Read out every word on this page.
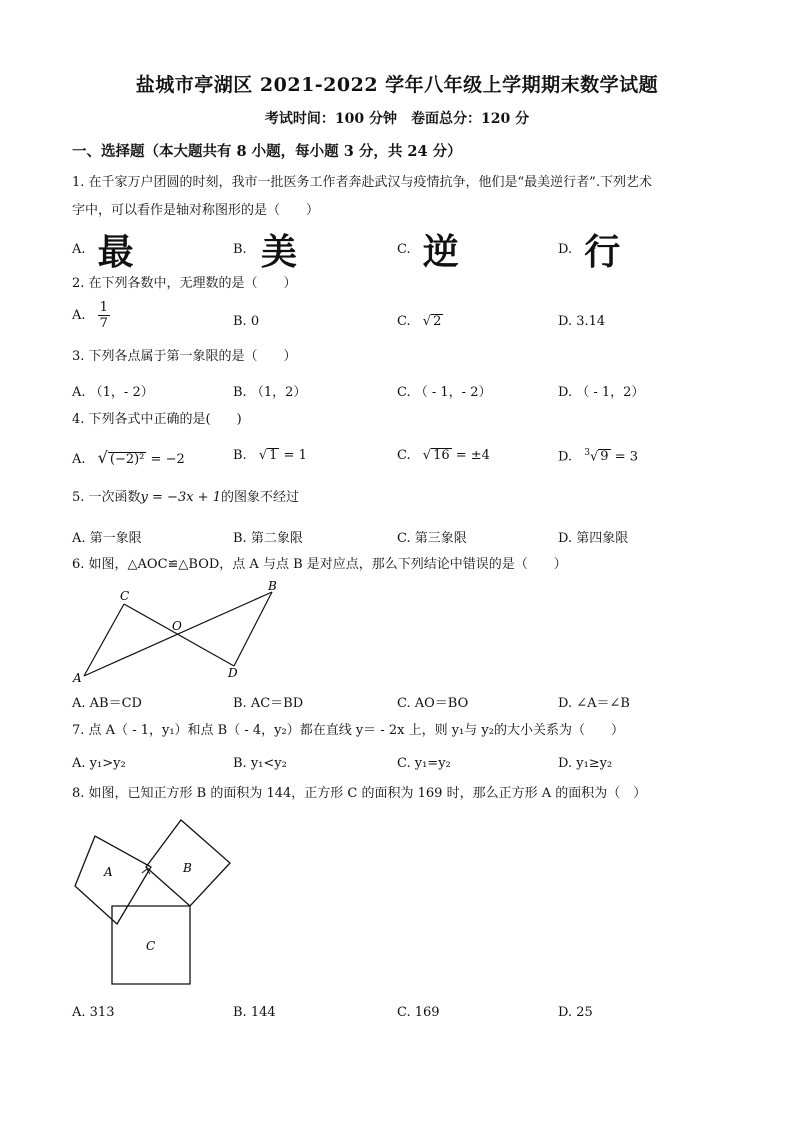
盐城市亭湖区 2021-2022 学年八年级上学期期末数学试题
考试时间：100 分钟　卷面总分：120 分
一、选择题（本大题共有 8 小题，每小题 3 分，共 24 分）
1. 在千家万户团圆的时刻，我市一批医务工作者奔赴武汉与疫情抗争，他们是“最美逆行者”.下列艺术
字中，可以看作是轴对称图形的是（　　）
A. 最	B. 美	C. 逆	D. 行
2. 在下列各数中，无理数的是（　　）
A. $\frac{1}{7}$	B. 0	C. √ 2	D. 3.14
3. 下列各点属于第一象限的是（　　）
A. （1，- 2）	B. （1，2）	C. （ - 1，- 2）	D. （ - 1，2）
4. 下列各式中正确的是(　　)
A. √ (−2)² = −2	B. √ 1 = 1	C. √ 16 = ±4	D. $^3$√ 9 = 3
5. 一次函数y = −3x + 1的图象不经过
A. 第一象限	B. 第二象限	C. 第三象限	D. 第四象限
6. 如图，△AOC≌△BOD，点 A 与点 B 是对应点，那么下列结论中错误的是（　　）
A
B
C
D
O
A. AB＝CD	B. AC＝BD	C. AO＝BO	D. ∠A＝∠B
7. 点 A（ - 1，y₁）和点 B（ - 4，y₂）都在直线 y＝ - 2x 上，则 y₁与 y₂的大小关系为（　　）
A. y₁>y₂	B. y₁<y₂	C. y₁=y₂	D. y₁≥y₂
8. 如图，已知正方形 B 的面积为 144，正方形 C 的面积为 169 时，那么正方形 A 的面积为（　）
A	B
C
A. 313	B. 144	C. 169	D. 25
